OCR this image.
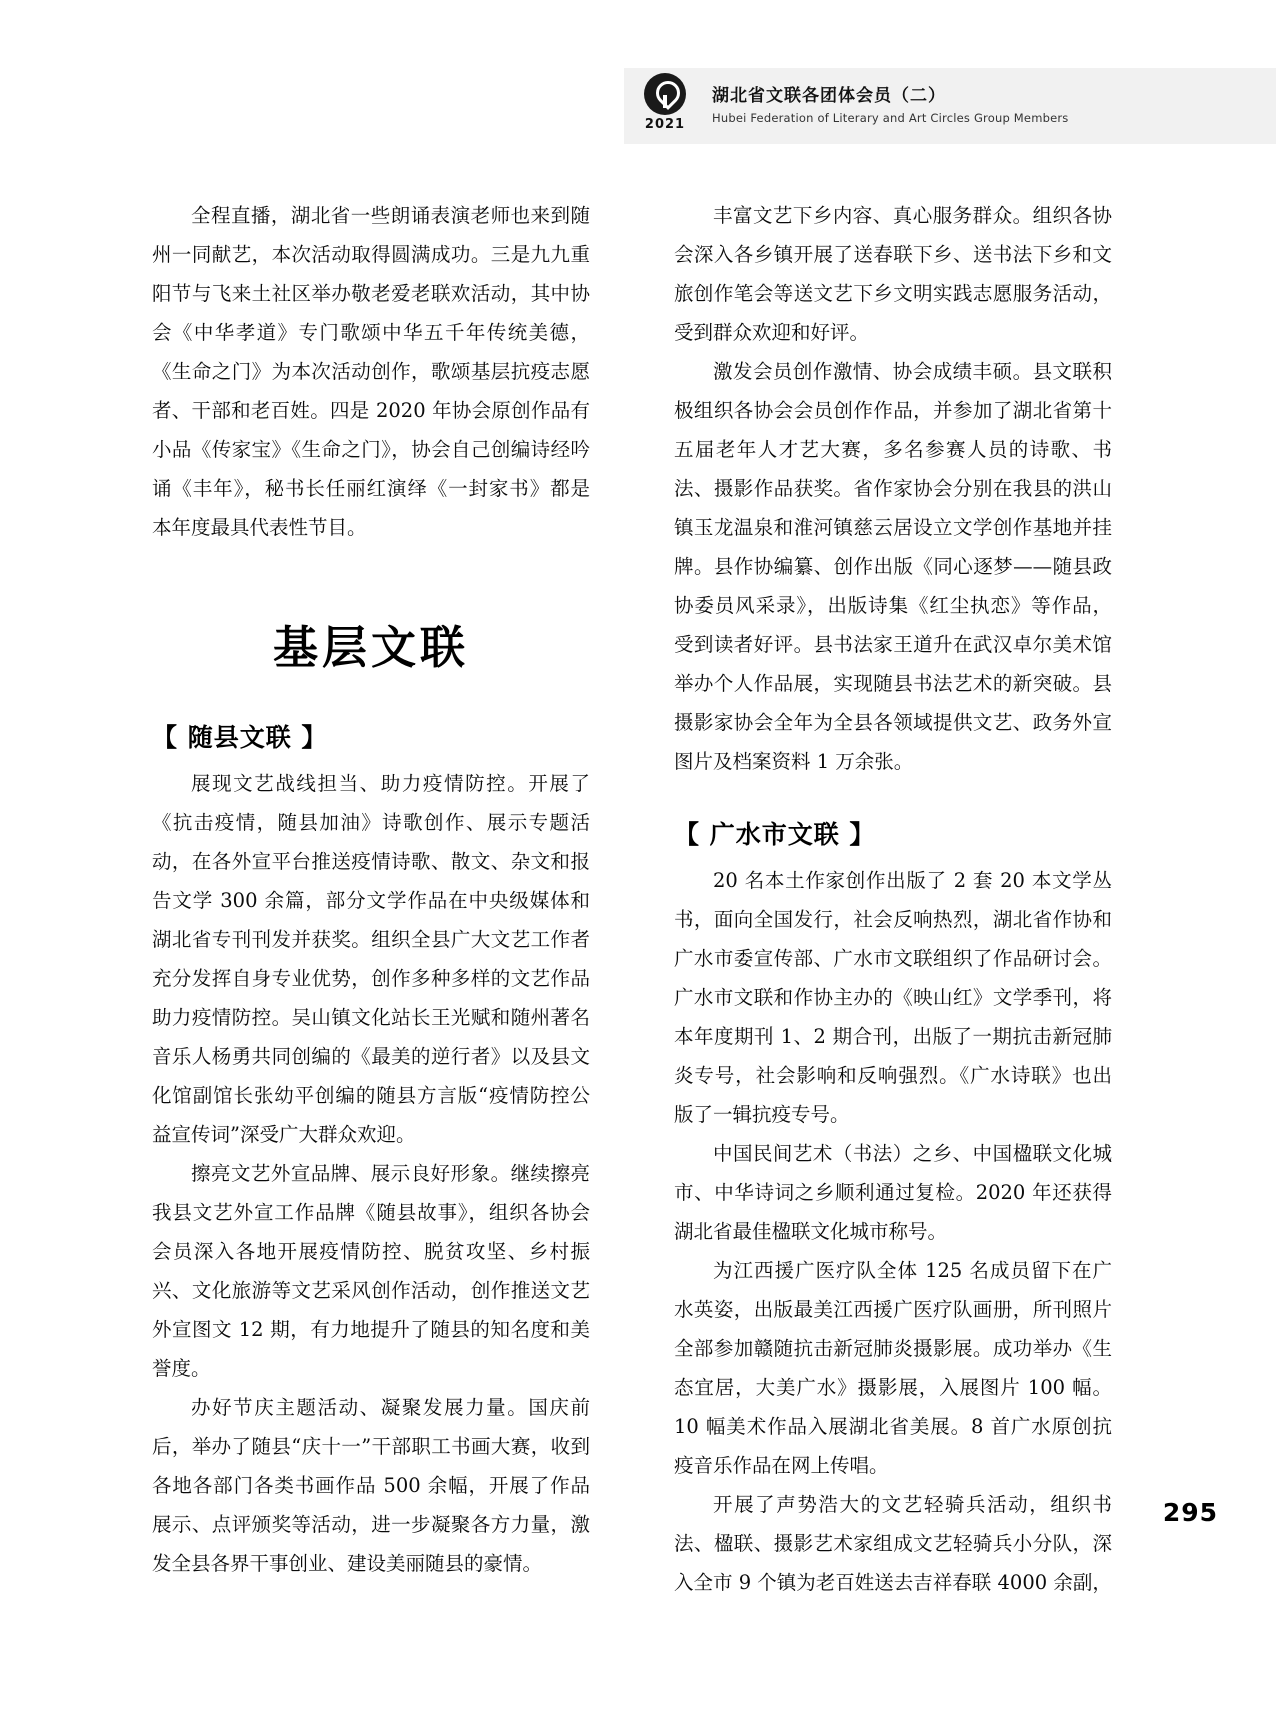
2021
湖北省文联各团体会员（二）
Hubei Federation of Literary and Art Circles Group Members

全程直播，湖北省一些朗诵表演老师也来到随州一同献艺，本次活动取得圆满成功。三是九九重阳节与飞来土社区举办敬老爱老联欢活动，其中协会《中华孝道》专门歌颂中华五千年传统美德，《生命之门》为本次活动创作，歌颂基层抗疫志愿者、干部和老百姓。四是 2020 年协会原创作品有小品《传家宝》《生命之门》，协会自己创编诗经吟诵《丰年》，秘书长任丽红演绎《一封家书》都是本年度最具代表性节目。

基层文联
【 随县文联 】

展现文艺战线担当、助力疫情防控。开展了《抗击疫情，随县加油》诗歌创作、展示专题活动，在各外宣平台推送疫情诗歌、散文、杂文和报告文学 300 余篇，部分文学作品在中央级媒体和湖北省专刊刊发并获奖。组织全县广大文艺工作者充分发挥自身专业优势，创作多种多样的文艺作品助力疫情防控。吴山镇文化站长王光赋和随州著名音乐人杨勇共同创编的《最美的逆行者》以及县文化馆副馆长张幼平创编的随县方言版“疫情防控公益宣传词”深受广大群众欢迎。

擦亮文艺外宣品牌、展示良好形象。继续擦亮我县文艺外宣工作品牌《随县故事》，组织各协会会员深入各地开展疫情防控、脱贫攻坚、乡村振兴、文化旅游等文艺采风创作活动，创作推送文艺外宣图文 12 期，有力地提升了随县的知名度和美誉度。

办好节庆主题活动、凝聚发展力量。国庆前后，举办了随县“庆十一”干部职工书画大赛，收到各地各部门各类书画作品 500 余幅，开展了作品展示、点评颁奖等活动，进一步凝聚各方力量，激发全县各界干事创业、建设美丽随县的豪情。

丰富文艺下乡内容、真心服务群众。组织各协会深入各乡镇开展了送春联下乡、送书法下乡和文旅创作笔会等送文艺下乡文明实践志愿服务活动，受到群众欢迎和好评。

激发会员创作激情、协会成绩丰硕。县文联积极组织各协会会员创作作品，并参加了湖北省第十五届老年人才艺大赛，多名参赛人员的诗歌、书法、摄影作品获奖。省作家协会分别在我县的洪山镇玉龙温泉和淮河镇慈云居设立文学创作基地并挂牌。县作协编纂、创作出版《同心逐梦——随县政协委员风采录》，出版诗集《红尘执恋》等作品，受到读者好评。县书法家王道升在武汉卓尔美术馆举办个人作品展，实现随县书法艺术的新突破。县摄影家协会全年为全县各领域提供文艺、政务外宣图片及档案资料 1 万余张。

【 广水市文联 】

20 名本土作家创作出版了 2 套 20 本文学丛书，面向全国发行，社会反响热烈，湖北省作协和广水市委宣传部、广水市文联组织了作品研讨会。广水市文联和作协主办的《映山红》文学季刊，将本年度期刊 1、2 期合刊，出版了一期抗击新冠肺炎专号，社会影响和反响强烈。《广水诗联》也出版了一辑抗疫专号。

中国民间艺术（书法）之乡、中国楹联文化城市、中华诗词之乡顺利通过复检。2020 年还获得湖北省最佳楹联文化城市称号。

为江西援广医疗队全体 125 名成员留下在广水英姿，出版最美江西援广医疗队画册，所刊照片全部参加赣随抗击新冠肺炎摄影展。成功举办《生态宜居，大美广水》摄影展，入展图片 100 幅。10 幅美术作品入展湖北省美展。8 首广水原创抗疫音乐作品在网上传唱。

开展了声势浩大的文艺轻骑兵活动，组织书法、楹联、摄影艺术家组成文艺轻骑兵小分队，深入全市 9 个镇为老百姓送去吉祥春联 4000 余副，

295
